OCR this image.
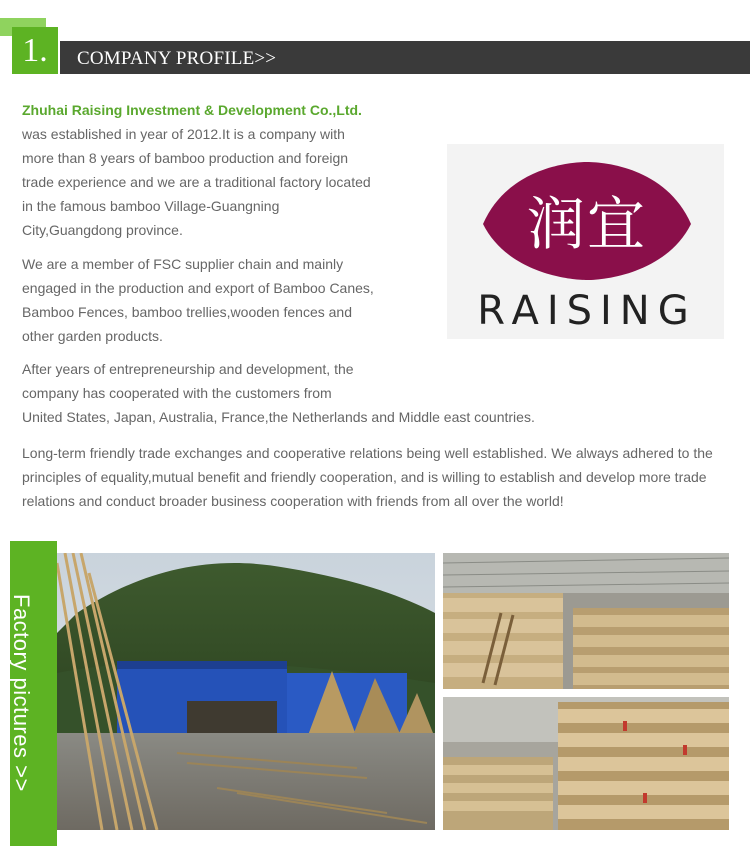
COMPANY PROFILE>>
1.
Zhuhai Raising Investment & Development Co.,Ltd.
was established in year of 2012.It is a company with
more than 8 years of bamboo production and foreign
trade experience and we are a traditional factory located
in the famous bamboo Village-Guangning
City,Guangdong province.
We are a member of FSC supplier chain and mainly
engaged in the production and export of Bamboo Canes,
Bamboo Fences, bamboo trellies,wooden fences and
other garden products.
After years of entrepreneurship and development, the
company has cooperated with the customers from
United States, Japan, Australia, France,the Netherlands and Middle east countries.
Long-term friendly trade exchanges and cooperative relations being well established. We always adhered to the
principles of equality,mutual benefit and friendly cooperation, and is willing to establish and develop more trade
relations and conduct broader business cooperation with friends from all over the world!
润宜
RAISING
Factory pictures >>
